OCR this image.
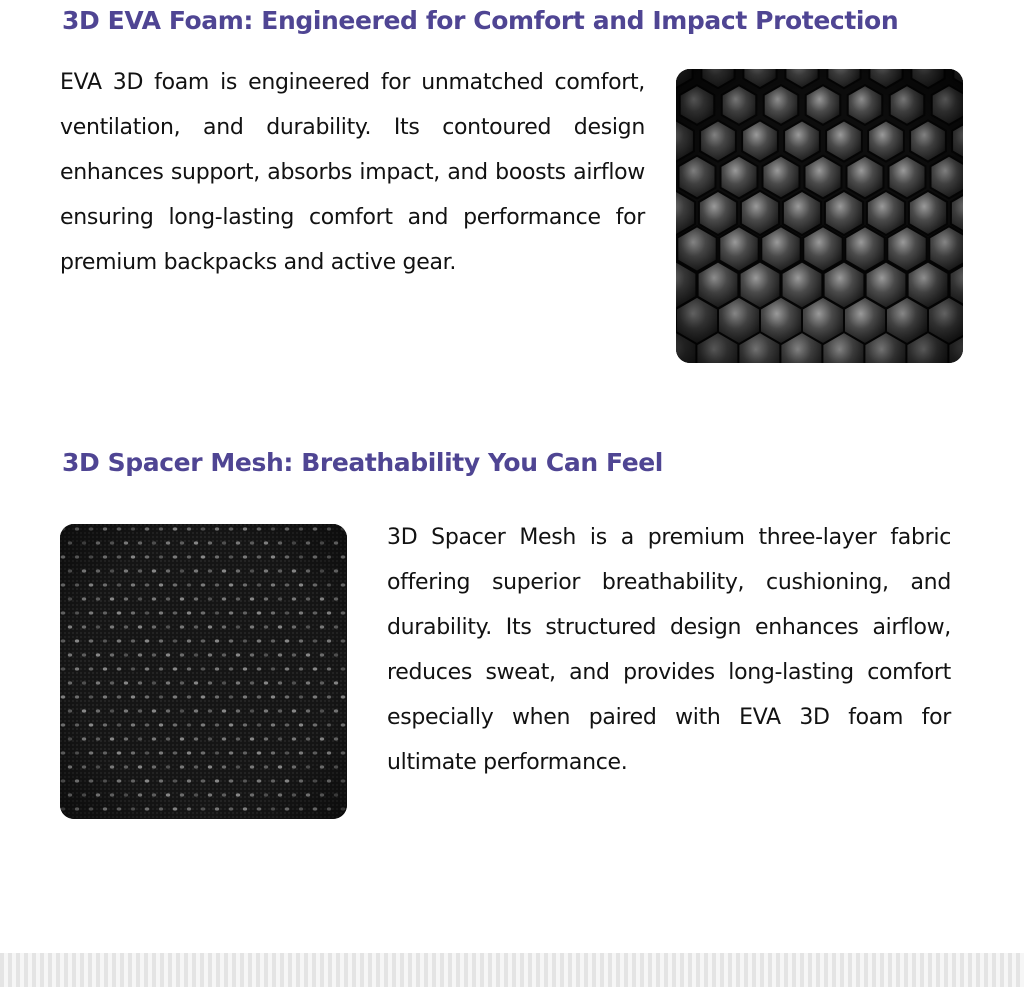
3D EVA Foam: Engineered for Comfort and Impact Protection

EVA 3D foam is engineered for unmatched comfort, ventilation, and durability. Its contoured design enhances support, absorbs impact, and boosts airflow ensuring long-lasting comfort and performance for premium backpacks and active gear.

3D Spacer Mesh: Breathability You Can Feel

3D Spacer Mesh is a premium three-layer fabric offering superior breathability, cushioning, and durability. Its structured design enhances airflow, reduces sweat, and provides long-lasting comfort especially when paired with EVA 3D foam for ultimate performance.
